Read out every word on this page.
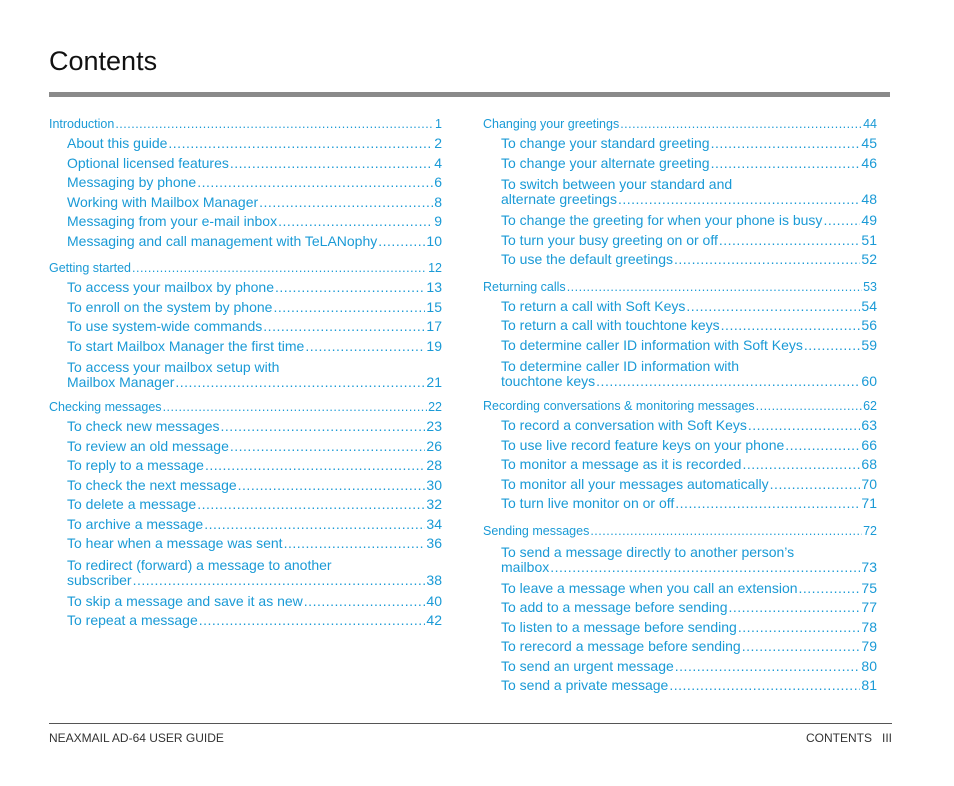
Contents
Introduction .....	1
About this guide .....	2
Optional licensed features .....	4
Messaging by phone .....	6
Working with Mailbox Manager .....	8
Messaging from your e-mail inbox .....	9
Messaging and call management with TeLANophy .....	10
Getting started .....	12
To access your mailbox by phone .....	13
To enroll on the system by phone .....	15
To use system-wide commands .....	17
To start Mailbox Manager the first time .....	19
To access your mailbox setup with
Mailbox Manager .....	21
Checking messages .....	22
To check new messages .....	23
To review an old message .....	26
To reply to a message .....	28
To check the next message .....	30
To delete a message .....	32
To archive a message .....	34
To hear when a message was sent .....	36
To redirect (forward) a message to another
subscriber .....	38
To skip a message and save it as new .....	40
To repeat a message .....	42
Changing your greetings .....	44
To change your standard greeting .....	45
To change your alternate greeting .....	46
To switch between your standard and
alternate greetings .....	48
To change the greeting for when your phone is busy .....	49
To turn your busy greeting on or off .....	51
To use the default greetings .....	52
Returning calls .....	53
To return a call with Soft Keys .....	54
To return a call with touchtone keys .....	56
To determine caller ID information with Soft Keys .....	59
To determine caller ID information with
touchtone keys .....	60
Recording conversations & monitoring messages .....	62
To record a conversation with Soft Keys .....	63
To use live record feature keys on your phone .....	66
To monitor a message as it is recorded .....	68
To monitor all your messages automatically .....	70
To turn live monitor on or off .....	71
Sending messages .....	72
To send a message directly to another person’s
mailbox .....	73
To leave a message when you call an extension .....	75
To add to a message before sending .....	77
To listen to a message before sending .....	78
To rerecord a message before sending .....	79
To send an urgent message .....	80
To send a private message .....	81
NEAXMAIL AD-64 USER GUIDE	CONTENTS III
